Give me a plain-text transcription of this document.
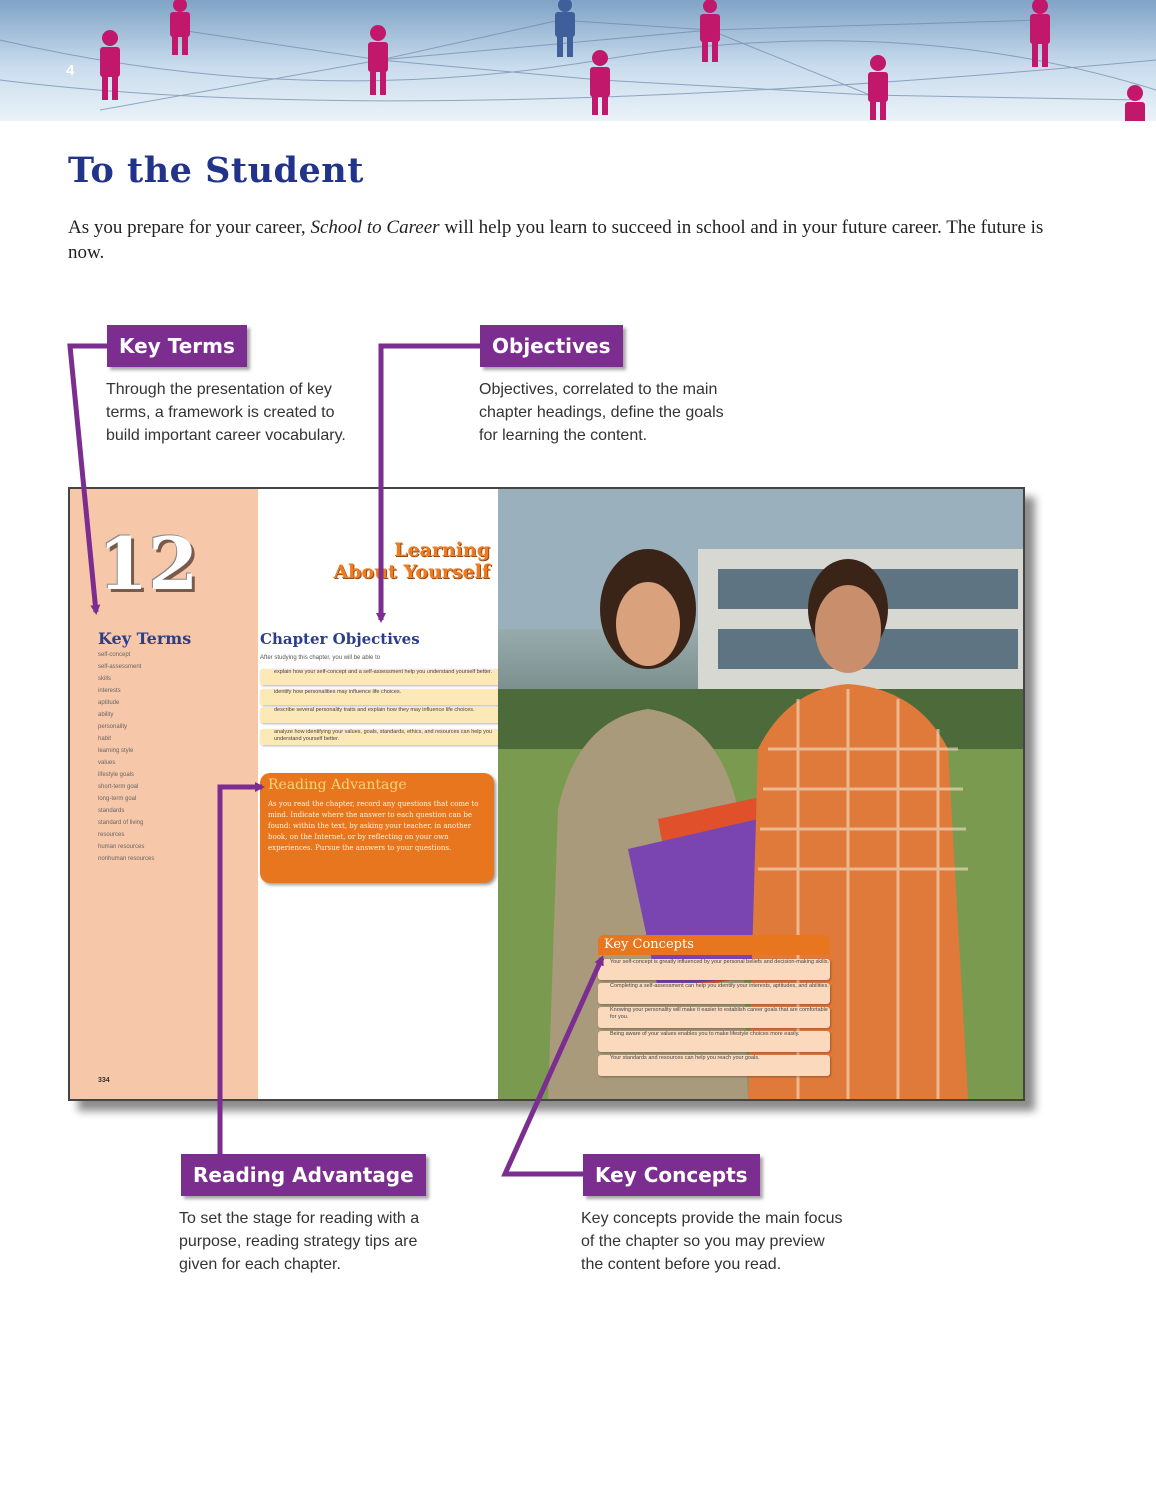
4
To the Student
As you prepare for your career, School to Career will help you learn to succeed in school and in your future career. The future is now.
Key Terms
Through the presentation of key terms, a framework is created to build important career vocabulary.
Objectives
Objectives, correlated to the main chapter headings, define the goals for learning the content.
12
Key Terms
self-concept
self-assessment
skills
interests
aptitude
ability
personality
habit
learning style
values
lifestyle goals
short-term goal
long-term goal
standards
standard of living
resources
human resources
nonhuman resources
334
Learning
About Yourself
Chapter Objectives
After studying this chapter, you will be able to
explain how your self-concept and a self-assessment help you understand yourself better.
identify how personalities may influence life choices.
describe several personality traits and explain how they may influence life choices.
analyze how identifying your values, goals, standards, ethics, and resources can help you understand yourself better.
Reading Advantage
As you read the chapter, record any questions that come to mind. Indicate where the answer to each question can be found: within the text, by asking your teacher, in another book, on the Internet, or by reflecting on your own experiences. Pursue the answers to your questions.
Key Concepts
Your self-concept is greatly influenced by your personal beliefs and decision-making skills.
Completing a self-assessment can help you identify your interests, aptitudes, and abilities.
Knowing your personality will make it easier to establish career goals that are comfortable for you.
Being aware of your values enables you to make lifestyle choices more easily.
Your standards and resources can help you reach your goals.
Reading Advantage
To set the stage for reading with a purpose, reading strategy tips are given for each chapter.
Key Concepts
Key concepts provide the main focus of the chapter so you may preview the content before you read.
